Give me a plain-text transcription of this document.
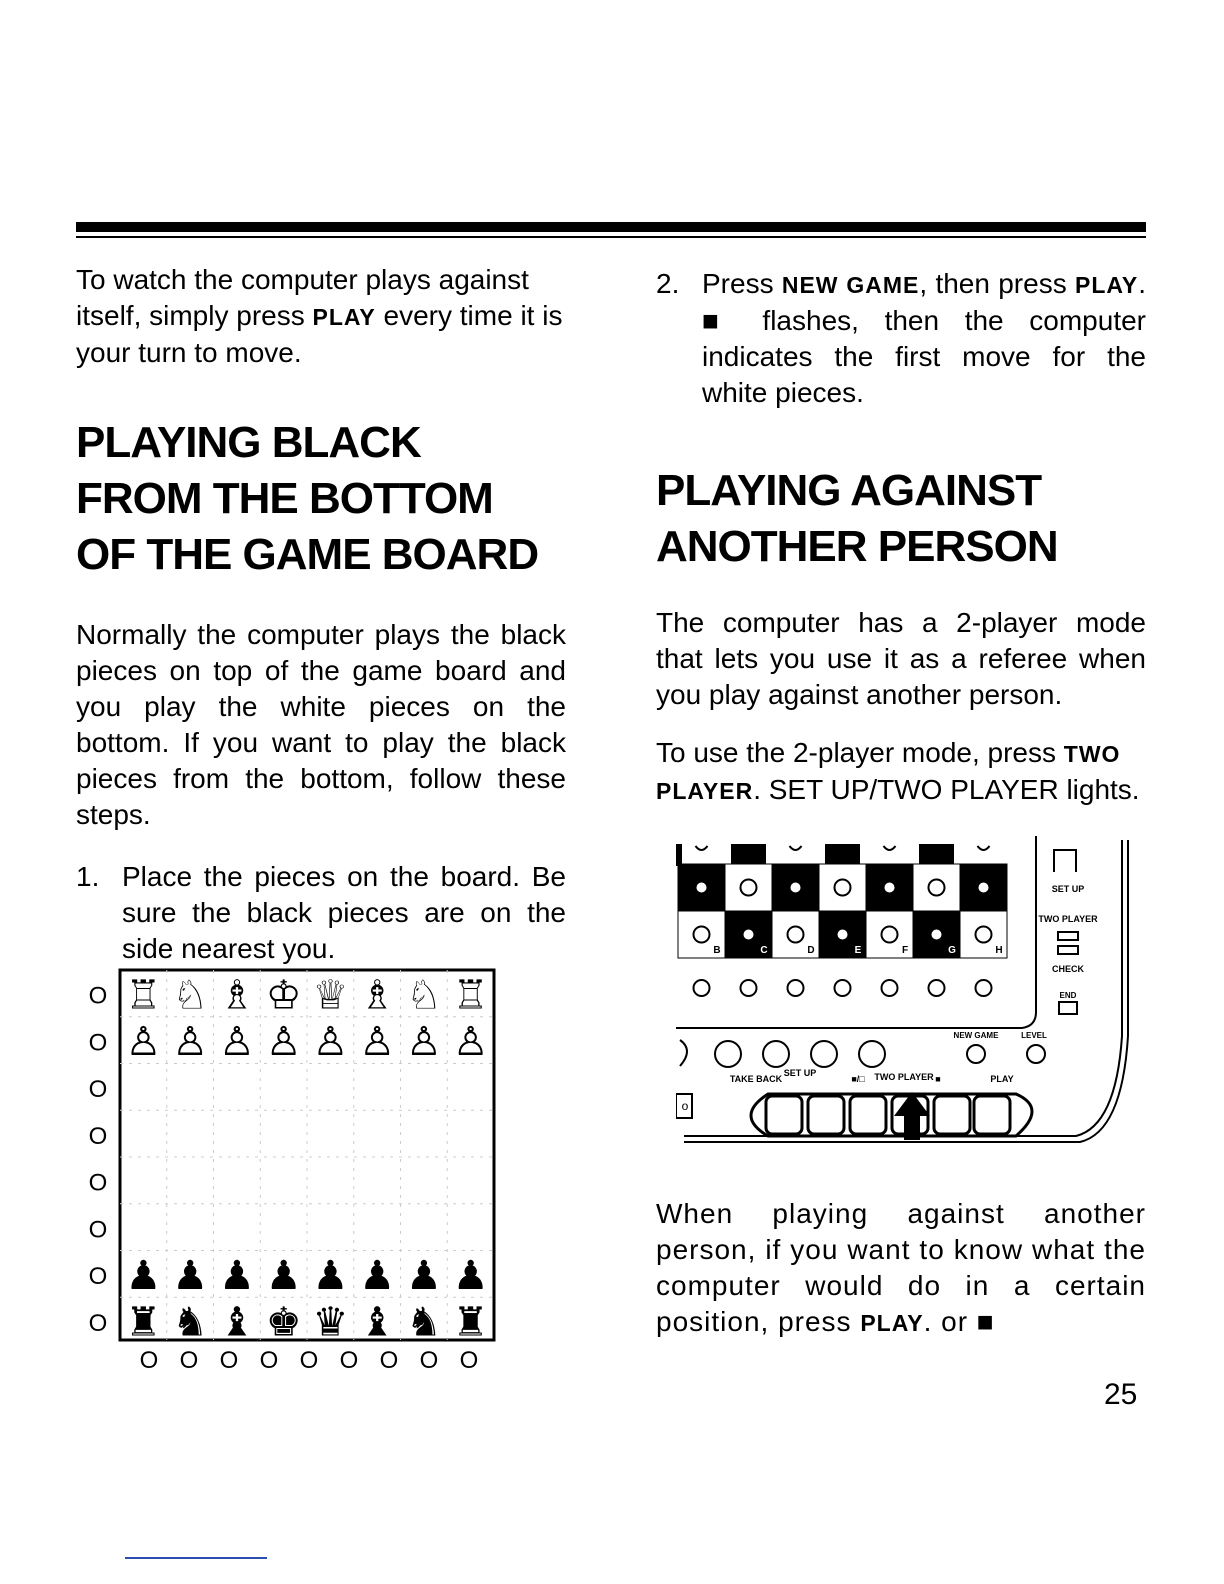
To watch the computer plays against itself, simply press PLAY every time it is your turn to move.

PLAYING BLACK
FROM THE BOTTOM
OF THE GAME BOARD

Normally the computer plays the black pieces on top of the game board and you play the white pieces on the bottom. If you want to play the black pieces from the bottom, follow these steps.

1. Place the pieces on the board. Be sure the black pieces are on the side nearest you.
♖
♙
♟
♜
♘
♙
♟
♞
♗
♙
♟
♝
♔
♙
♟
♚
♕
♙
♟
♛
♗
♙
♟
♝
♘
♙
♟
♞
♖
♙
♟
♜
O
O
O
O
O
O
O
O
O O O O O O O O O
2. Press NEW GAME, then press PLAY. ■ flashes, then the computer indicates the first move for the white pieces.
PLAYING AGAINST
ANOTHER PERSON

The computer has a 2-player mode that lets you use it as a referee when you play against another person.

To use the 2-player mode, press TWO PLAYER. SET UP/TWO PLAYER lights.

B	C	D	E	F	G	H
SET UP
TWO PLAYER
CHECK
END
NEW GAME	LEVEL
TAKE BACK
SET UP
■/□ TWO PLAYER ■	PLAY
o

When playing against another person, if you want to know what the computer would do in a certain position, press PLAY. or ■

25
